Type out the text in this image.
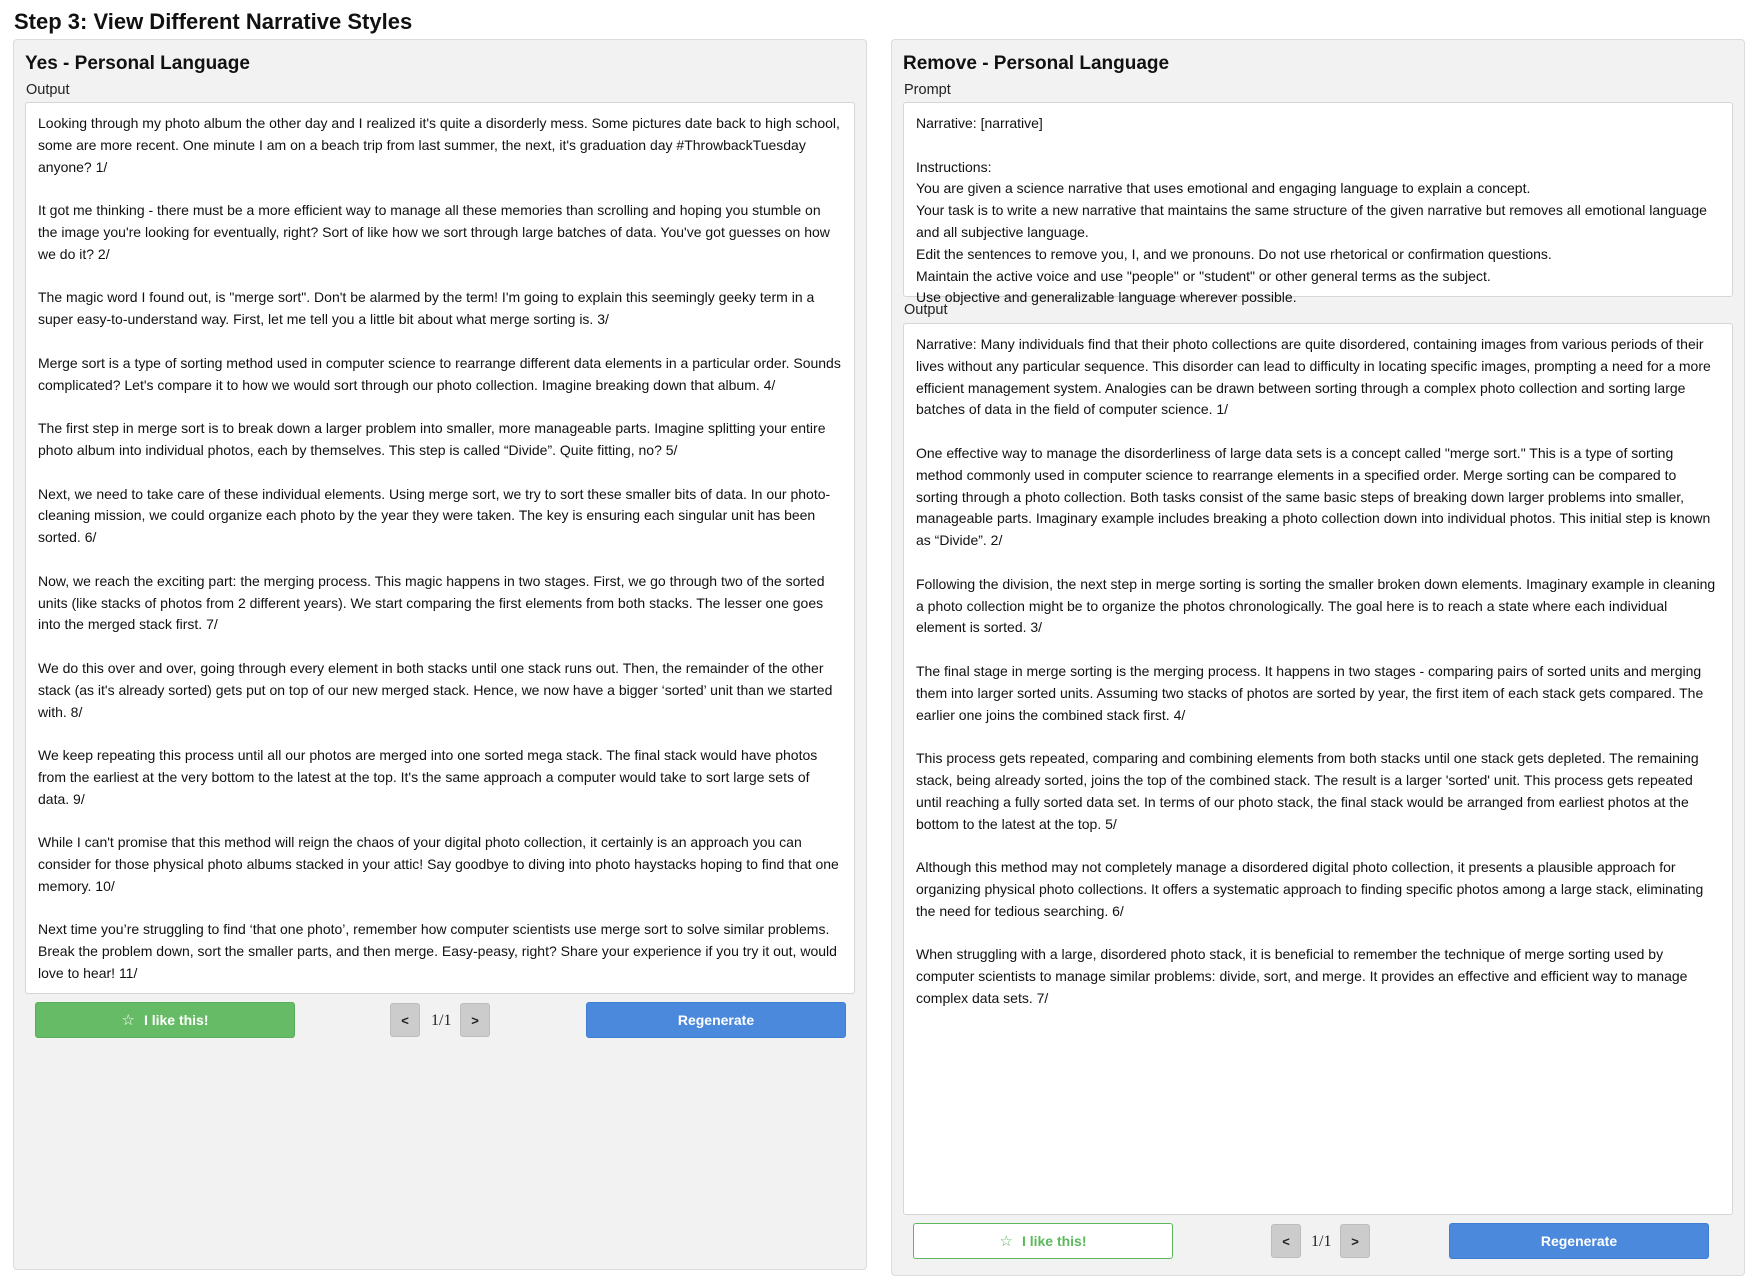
Step 3: View Different Narrative Styles
Yes - Personal Language
Output
Looking through my photo album the other day and I realized it's quite a disorderly mess. Some pictures date back to high school, some are more recent. One minute I am on a beach trip from last summer, the next, it's graduation day #ThrowbackTuesday anyone? 1/
It got me thinking - there must be a more efficient way to manage all these memories than scrolling and hoping you stumble on the image you're looking for eventually, right? Sort of like how we sort through large batches of data. You've got guesses on how we do it? 2/
The magic word I found out, is "merge sort". Don't be alarmed by the term! I'm going to explain this seemingly geeky term in a super easy-to-understand way. First, let me tell you a little bit about what merge sorting is. 3/
Merge sort is a type of sorting method used in computer science to rearrange different data elements in a particular order. Sounds complicated? Let's compare it to how we would sort through our photo collection. Imagine breaking down that album. 4/
The first step in merge sort is to break down a larger problem into smaller, more manageable parts. Imagine splitting your entire photo album into individual photos, each by themselves. This step is called “Divide”. Quite fitting, no? 5/
Next, we need to take care of these individual elements. Using merge sort, we try to sort these smaller bits of data. In our photo-cleaning mission, we could organize each photo by the year they were taken. The key is ensuring each singular unit has been sorted. 6/
Now, we reach the exciting part: the merging process. This magic happens in two stages. First, we go through two of the sorted units (like stacks of photos from 2 different years). We start comparing the first elements from both stacks. The lesser one goes into the merged stack first. 7/
We do this over and over, going through every element in both stacks until one stack runs out. Then, the remainder of the other stack (as it's already sorted) gets put on top of our new merged stack. Hence, we now have a bigger ‘sorted’ unit than we started with. 8/
We keep repeating this process until all our photos are merged into one sorted mega stack. The final stack would have photos from the earliest at the very bottom to the latest at the top. It's the same approach a computer would take to sort large sets of data. 9/
While I can't promise that this method will reign the chaos of your digital photo collection, it certainly is an approach you can consider for those physical photo albums stacked in your attic! Say goodbye to diving into photo haystacks hoping to find that one memory. 10/
Next time you’re struggling to find ‘that one photo’, remember how computer scientists use merge sort to solve similar problems. Break the problem down, sort the smaller parts, and then merge. Easy-peasy, right? Share your experience if you try it out, would love to hear! 11/
☆ I like this!	<	1/1	>	Regenerate
Remove - Personal Language
Prompt
Narrative: [narrative]
Instructions:
You are given a science narrative that uses emotional and engaging language to explain a concept.
Your task is to write a new narrative that maintains the same structure of the given narrative but removes all emotional language and all subjective language.
Edit the sentences to remove you, I, and we pronouns. Do not use rhetorical or confirmation questions.
Maintain the active voice and use "people" or "student" or other general terms as the subject.
Use objective and generalizable language wherever possible.
Output
Narrative: Many individuals find that their photo collections are quite disordered, containing images from various periods of their lives without any particular sequence. This disorder can lead to difficulty in locating specific images, prompting a need for a more efficient management system. Analogies can be drawn between sorting through a complex photo collection and sorting large batches of data in the field of computer science. 1/
One effective way to manage the disorderliness of large data sets is a concept called "merge sort." This is a type of sorting method commonly used in computer science to rearrange elements in a specified order. Merge sorting can be compared to sorting through a photo collection. Both tasks consist of the same basic steps of breaking down larger problems into smaller, manageable parts. Imaginary example includes breaking a photo collection down into individual photos. This initial step is known as “Divide”. 2/
Following the division, the next step in merge sorting is sorting the smaller broken down elements. Imaginary example in cleaning a photo collection might be to organize the photos chronologically. The goal here is to reach a state where each individual element is sorted. 3/
The final stage in merge sorting is the merging process. It happens in two stages - comparing pairs of sorted units and merging them into larger sorted units. Assuming two stacks of photos are sorted by year, the first item of each stack gets compared. The earlier one joins the combined stack first. 4/
This process gets repeated, comparing and combining elements from both stacks until one stack gets depleted. The remaining stack, being already sorted, joins the top of the combined stack. The result is a larger 'sorted' unit. This process gets repeated until reaching a fully sorted data set. In terms of our photo stack, the final stack would be arranged from earliest photos at the bottom to the latest at the top. 5/
Although this method may not completely manage a disordered digital photo collection, it presents a plausible approach for organizing physical photo collections. It offers a systematic approach to finding specific photos among a large stack, eliminating the need for tedious searching. 6/
When struggling with a large, disordered photo stack, it is beneficial to remember the technique of merge sorting used by computer scientists to manage similar problems: divide, sort, and merge. It provides an effective and efficient way to manage complex data sets. 7/
☆ I like this!	<	1/1	>	Regenerate
